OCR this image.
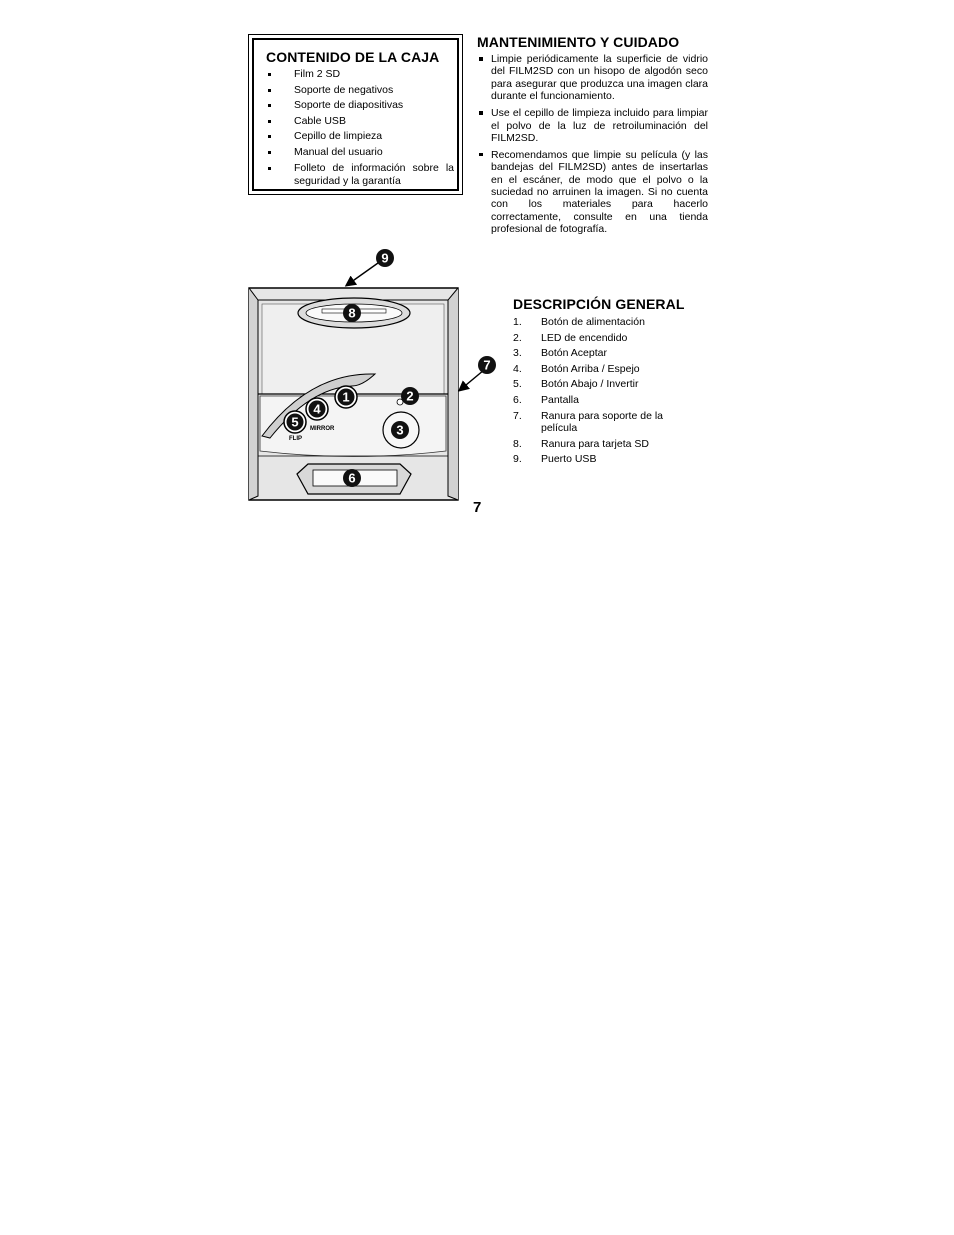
CONTENIDO DE LA CAJA
Film 2 SD
Soporte de negativos
Soporte de diapositivas
Cable USB
Cepillo de limpieza
Manual del usuario
Folleto de información sobre la seguridad y la garantía
MANTENIMIENTO Y CUIDADO
Limpie periódicamente la superficie de vidrio del FILM2SD con un hisopo de algodón seco para asegurar que produzca una imagen clara durante el funcionamiento.
Use el cepillo de limpieza incluido para limpiar el polvo de la luz de retroiluminación del FILM2SD.
Recomendamos que limpie su película (y las bandejas del FILM2SD) antes de insertarlas en el escáner, de modo que el polvo o la suciedad no arruinen la imagen. Si no cuenta con los materiales para hacerlo correctamente, consulte en una tienda profesional de fotografía.
9
8
7
1	2
4
MIRROR
5
FLIP
3
6
DESCRIPCIÓN GENERAL
1. Botón de alimentación
2. LED de encendido
3. Botón Aceptar
4. Botón Arriba / Espejo
5. Botón Abajo / Invertir
6. Pantalla
7. Ranura para soporte de la película
8. Ranura para tarjeta SD
9. Puerto USB
7
